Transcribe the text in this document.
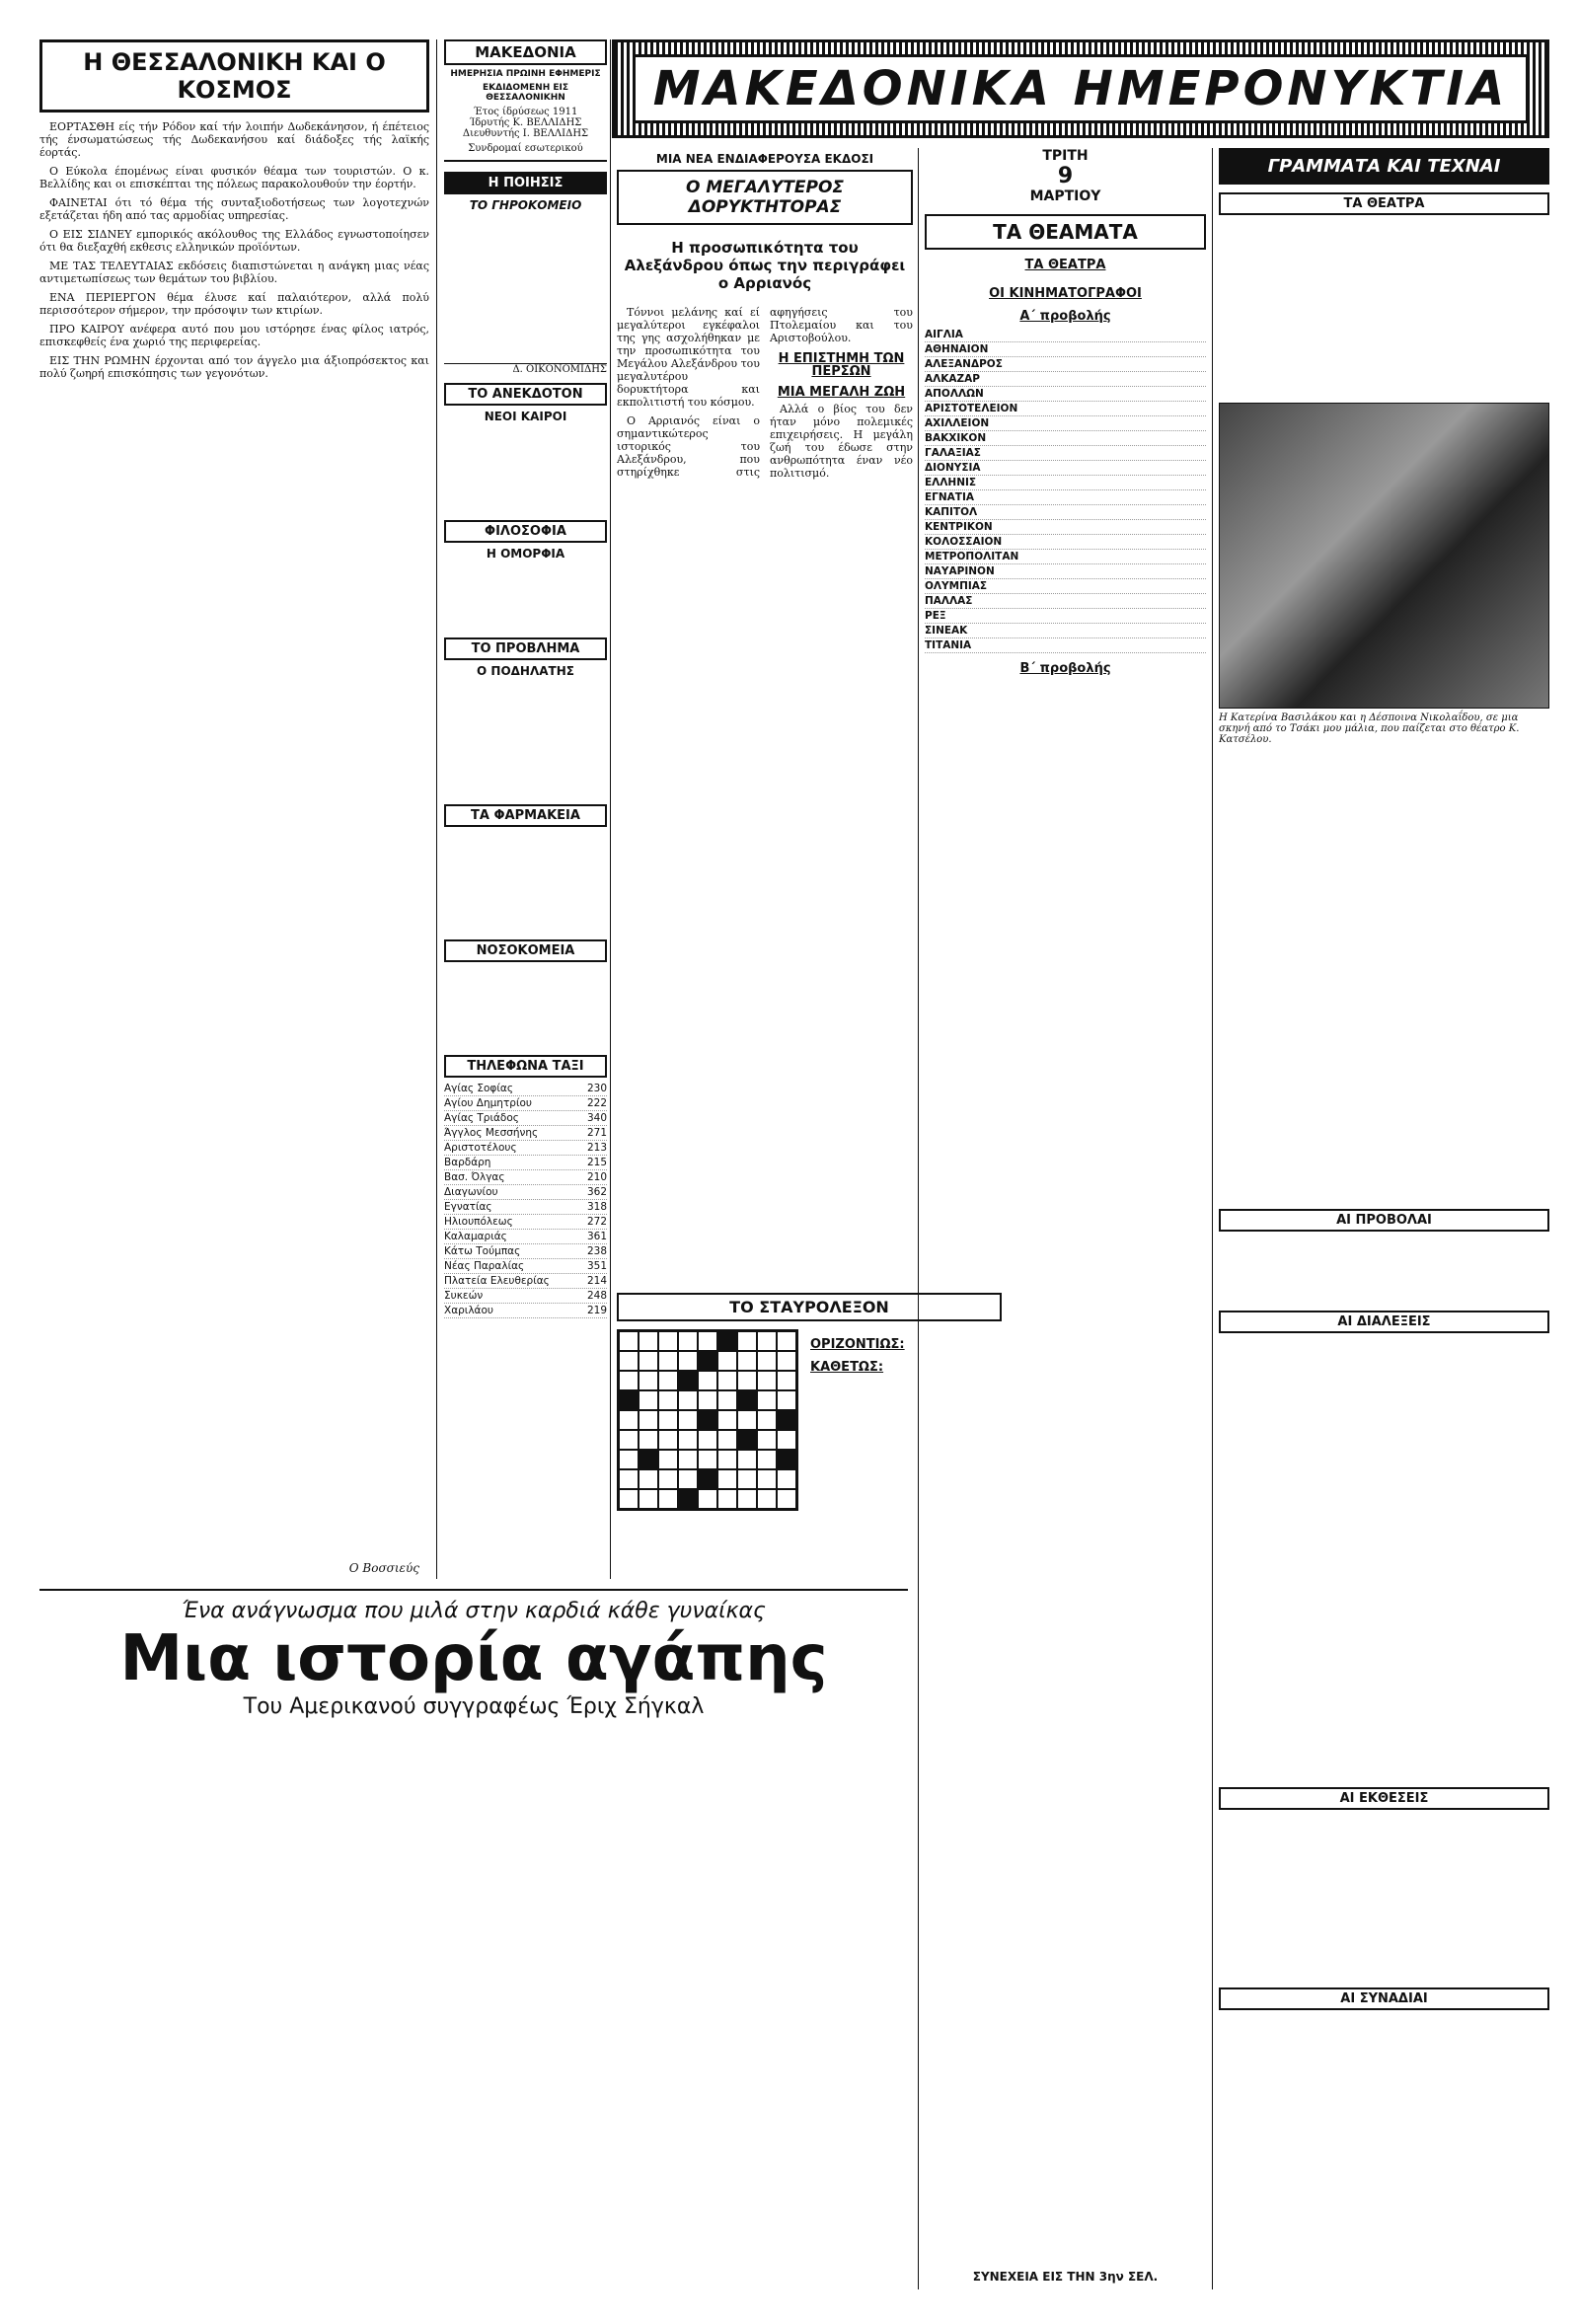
Η ΘΕΣΣΑΛΟΝΙΚΗ ΚΑΙ Ο ΚΟΣΜΟΣ

ΕΟΡΤΑΣΘΗ είς τήν Ρόδον καί τήν λοιπήν Δωδεκάνησον, ή έπέτειος τής ένσωματώσεως τής Δωδεκανήσου καί διάδοξες τής λαϊκής έορτάς.

Ο Εύκολα έπομένως είναι φυσικόν θέαμα των τουριστών. Ο κ. Βελλίδης και οι επισκέπται της πόλεως παρακολουθούν την έορτήν.

ΦΑΙΝΕΤΑΙ ότι τό θέμα τής συνταξιοδοτήσεως των λογοτεχνών εξετάζεται ήδη από τας αρμοδίας υπηρεσίας.

Ο ΕΙΣ ΣΙΔΝΕΥ εμπορικός ακόλουθος της Ελλάδος εγνωστοποίησεν ότι θα διεξαχθή εκθεσις ελληνικών προϊόντων.

ΜΕ ΤΑΣ ΤΕΛΕΥΤΑΙΑΣ εκδόσεις διαπιστώνεται η ανάγκη μιας νέας αντιμετωπίσεως των θεμάτων του βιβλίου.

ΕΝΑ ΠΕΡΙΕΡΓΟΝ θέμα έλυσε καί παλαιότερον, αλλά πολύ περισσότερον σήμερον, την πρόσοψιν των κτιρίων.

ΠΡΟ ΚΑΙΡΟΥ ανέφερα αυτό που μου ιστόρησε ένας φίλος ιατρός, επισκεφθείς ένα χωριό της περιφερείας.

ΕΙΣ ΤΗΝ ΡΩΜΗΝ έρχονται από τον άγγελο μια άξιοπρόσεκτος και πολύ ζωηρή επισκόπησις των γεγονότων.

Ο Βοσσιεύς
ΜΑΚΕΔΟΝΙΑ
ΗΜΕΡΗΣΙΑ ΠΡΩΙΝΗ ΕΦΗΜΕΡΙΣ
ΕΚΔΙΔΟΜΕΝΗ ΕΙΣ ΘΕΣΣΑΛΟΝΙΚΗΝ
Έτος ίδρύσεως 1911
Ίδρυτής Κ. ΒΕΛΛΙΔΗΣ
Διευθυντής Ι. ΒΕΛΛΙΔΗΣ
Συνδρομαί εσωτερικού
Η ΠΟΙΗΣΙΣ
ΤΟ ΓΗΡΟΚΟΜΕΙΟ
Δ. ΟΙΚΟΝΟΜΙΔΗΣ
ΤΟ ΑΝΕΚΔΟΤΟΝ
ΝΕΟΙ ΚΑΙΡΟΙ
ΦΙΛΟΣΟΦΙΑ
Η ΟΜΟΡΦΙΑ
ΤΟ ΠΡΟΒΛΗΜΑ
Ο ΠΟΔΗΛΑΤΗΣ
ΤΑ ΦΑΡΜΑΚΕΙΑ
ΝΟΣΟΚΟΜΕΙΑ
ΤΗΛΕΦΩΝΑ ΤΑΞΙ
Αγίας Σοφίας	230
Αγίου Δημητρίου	222
Αγίας Τριάδος	340
Άγγλος Μεσσήνης	271
Αριστοτέλους	213
Βαρδάρη	215
Βασ. Όλγας	210
Διαγωνίου	362
Εγνατίας	318
Ηλιουπόλεως	272
Καλαμαριάς	361
Κάτω Τούμπας	238
Νέας Παραλίας	351
Πλατεία Ελευθερίας	214
Συκεών	248
Χαριλάου	219
ΜΑΚΕΔΟΝΙΚΑ ΗΜΕΡΟΝΥΚΤΙΑ
ΜΙΑ ΝΕΑ ΕΝΔΙΑΦΕΡΟΥΣΑ ΕΚΔΟΣΙ
Ο ΜΕΓΑΛΥΤΕΡΟΣ ΔΟΡΥΚΤΗΤΟΡΑΣ
Η προσωπικότητα του Αλεξάνδρου όπως την περιγράφει ο Αρριανός

Τόννοι μελάνης καί εί μεγαλύτεροι εγκέφαλοι της γης ασχολήθηκαν με την προσωπικότητα του Μεγάλου Αλεξάνδρου του μεγαλυτέρου δορυκτήτορα και εκπολιτιστή του κόσμου.

Ο Αρριανός είναι ο σημαντικώτερος ιστορικός του Αλεξάνδρου, που στηρίχθηκε στις αφηγήσεις του Πτολεμαίου και του Αριστοβούλου.

Η ΕΠΙΣΤΗΜΗ ΤΩΝ ΠΕΡΣΩΝ
ΜΙΑ ΜΕΓΑΛΗ ΖΩΗ

Αλλά ο βίος του δεν ήταν μόνο πολεμικές επιχειρήσεις. Η μεγάλη ζωή του έδωσε στην ανθρωπότητα έναν νέο πολιτισμό.

ΤΟ ΣΤΑΥΡΟΛΕΞΟΝ
ΟΡΙΖΟΝΤΙΩΣ:
ΚΑΘΕΤΩΣ:
ΤΡΙΤΗ
9
ΜΑΡΤΙΟΥ
ΤΑ ΘΕΑΜΑΤΑ
ΤΑ ΘΕΑΤΡΑ
ΟΙ ΚΙΝΗΜΑΤΟΓΡΑΦΟΙ
Α΄ προβολής
ΑΙΓΛΙΑ
ΑΘΗΝΑΙΟΝ
ΑΛΕΞΑΝΔΡΟΣ
ΑΛΚΑΖΑΡ
ΑΠΟΛΛΩΝ
ΑΡΙΣΤΟΤΕΛΕΙΟΝ
ΑΧΙΛΛΕΙΟΝ
ΒΑΚΧΙΚΟΝ
ΓΑΛΑΞΙΑΣ
ΔΙΟΝΥΣΙΑ
ΕΛΛΗΝΙΣ
ΕΓΝΑΤΙΑ
ΚΑΠΙΤΟΛ
ΚΕΝΤΡΙΚΟΝ
ΚΟΛΟΣΣΑΙΟΝ
ΜΕΤΡΟΠΟΛΙΤΑΝ
ΝΑΥΑΡΙΝΟΝ
ΟΛΥΜΠΙΑΣ
ΠΑΛΛΑΣ
ΡΕΞ
ΣΙΝΕΑΚ
ΤΙΤΑΝΙΑ
Β΄ προβολής
ΣΥΝΕΧΕΙΑ ΕΙΣ ΤΗΝ 3ην ΣΕΛ.
ΓΡΑΜΜΑΤΑ ΚΑΙ ΤΕΧΝΑΙ
ΤΑ ΘΕΑΤΡΑ
Η Κατερίνα Βασιλάκου και η Δέσποινα Νικολαΐδου, σε μια σκηνή από το Τσάκι μου μάλια, που παίζεται στο θέατρο Κ. Κατσέλου.
ΑΙ ΠΡΟΒΟΛΑΙ
ΑΙ ΔΙΑΛΕΞΕΙΣ
ΑΙ ΕΚΘΕΣΕΙΣ
ΑΙ ΣΥΝΑΔΙΑΙ
Ένα ανάγνωσμα που μιλά στην καρδιά κάθε γυναίκας
Μια ιστορία αγάπης
Του Αμερικανού συγγραφέως Έριχ Σήγκαλ
